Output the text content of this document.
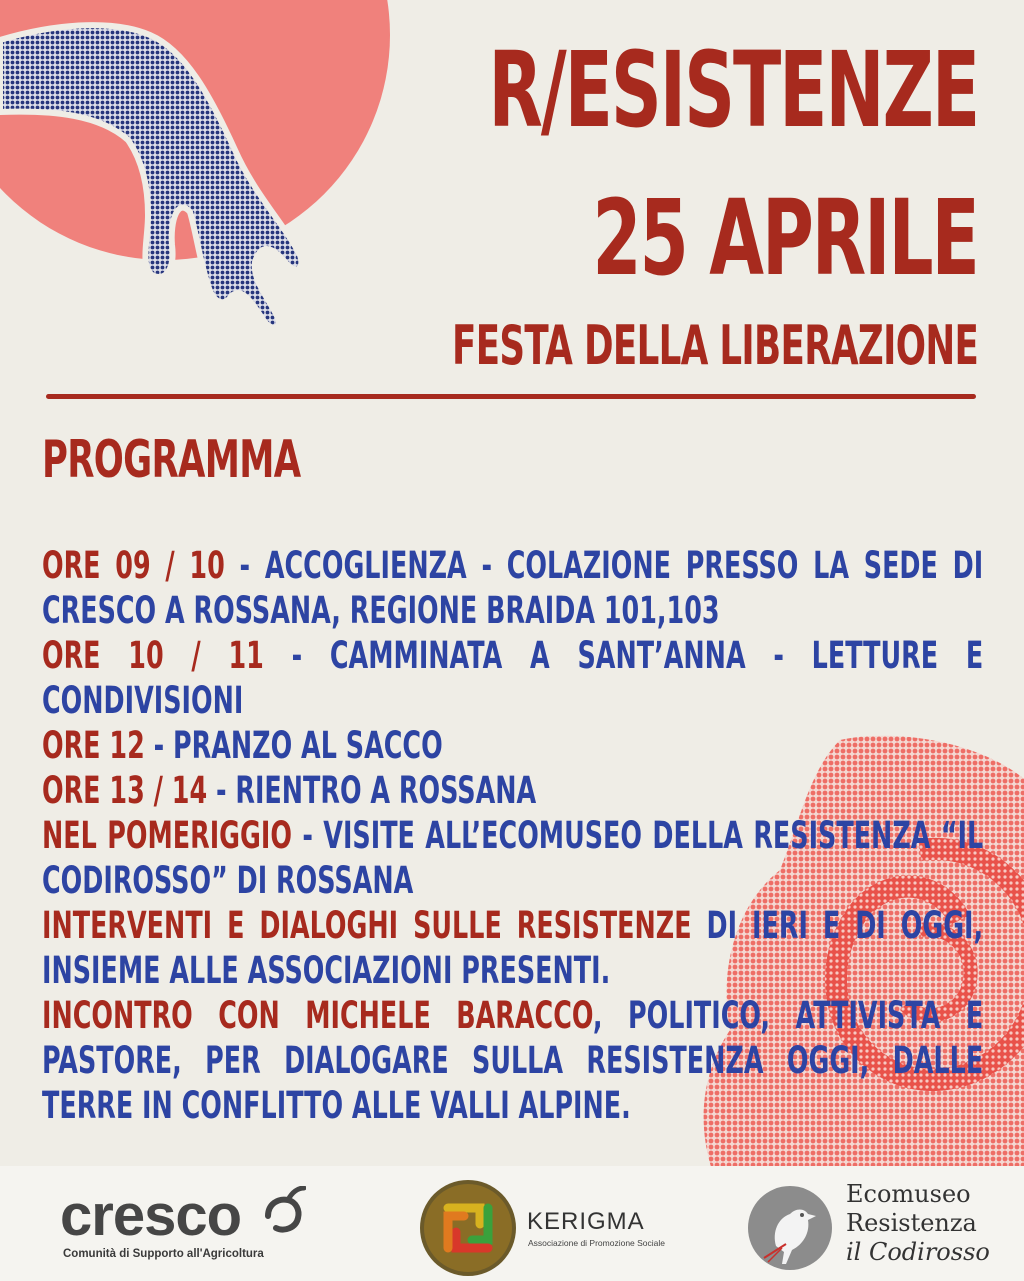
R/ESISTENZE
25 APRILE
FESTA DELLA LIBERAZIONE
PROGRAMMA

ORE 09 / 10 - ACCOGLIENZA - COLAZIONE PRESSO LA SEDE DI CRESCO A ROSSANA, REGIONE BRAIDA 101,103

ORE 10 / 11 - CAMMINATA A SANT’ANNA - LETTURE E CONDIVISIONI

ORE 12 - PRANZO AL SACCO

ORE 13 / 14 - RIENTRO A ROSSANA

NEL POMERIGGIO - VISITE ALL’ECOMUSEO DELLA RESISTENZA “IL CODIROSSO” DI ROSSANA

INTERVENTI E DIALOGHI SULLE RESISTENZE DI IERI E DI OGGI, INSIEME ALLE ASSOCIAZIONI PRESENTI.

INCONTRO CON MICHELE BARACCO, POLITICO, ATTIVISTA E PASTORE, PER DIALOGARE SULLA RESISTENZA OGGI, DALLE TERRE IN CONFLITTO ALLE VALLI ALPINE.

cresco

Comunità di Supporto all'Agricoltura

KERIGMA

Associazione di Promozione Sociale

Ecomuseo
Resistenza
il Codirosso
